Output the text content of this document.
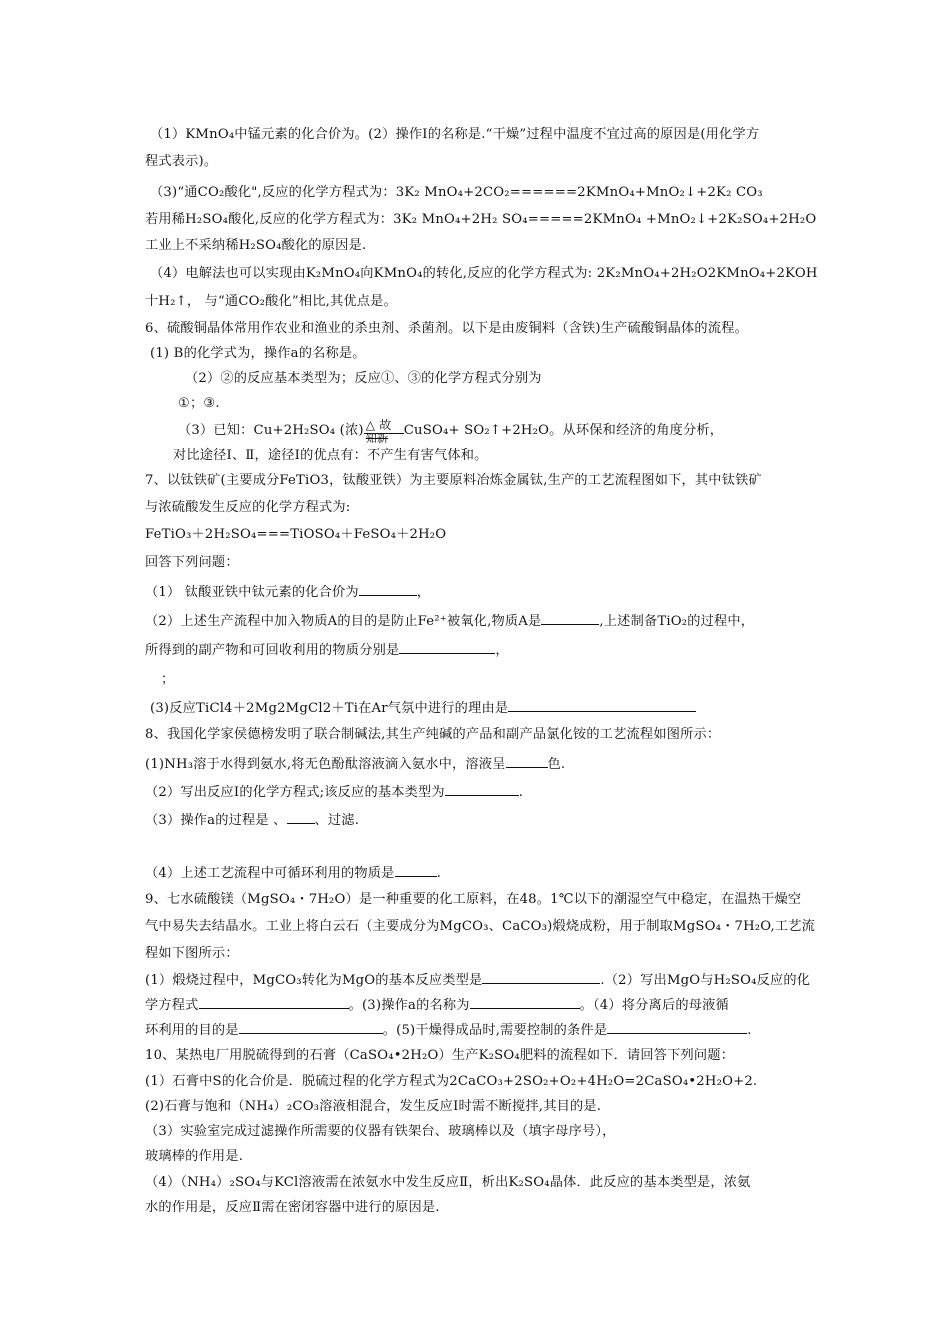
（1）KMnO₄中锰元素的化合价为。(2）操作I的名称是.“干燥”过程中温度不宜过高的原因是(用化学方
程式表示)。
（3)“通CO₂酸化",反应的化学方程式为：3K₂ MnO₄+2CO₂======2KMnO₄+MnO₂↓+2K₂ CO₃
若用稀H₂SO₄酸化,反应的化学方程式为：3K₂ MnO₄+2H₂ SO₄=====2KMnO₄ +MnO₂↓+2K₂SO₄+2H₂O
工业上不采纳稀H₂SO₄酸化的原因是.
（4）电解法也可以实现由K₂MnO₄向KMnO₄的转化,反应的化学方程式为: 2K₂MnO₄+2H₂O2KMnO₄+2KOH
十H₂↑， 与“通CO₂酸化”相比,其优点是。
6、硫酸铜晶体常用作农业和渔业的杀虫剂、杀菌剂。以下是由废铜料（含铁)生产硫酸铜晶体的流程。
(1) B的化学式为，操作a的名称是。
（2）②的反应基本类型为；反应①、③的化学方程式分别为
①；③.
（3）已知：Cu+2H₂SO₄ (浓) △ 故
知新
CuSO₄+ SO₂↑+2H₂O。从环保和经济的角度分析，
对比途径I、Ⅱ，途径I的优点有：不产生有害气体和。
7、以钛铁矿(主要成分FeTiO3，钛酸亚铁）为主要原料冶炼金属钛,生产的工艺流程图如下，其中钛铁矿
与浓硫酸发生反应的化学方程式为:
FeTiO₃＋2H₂SO₄===TiOSO₄＋FeSO₄＋2H₂O
回答下列问题：
（1） 钛酸亚铁中钛元素的化合价为	，
（2）上述生产流程中加入物质A的目的是防止Fe²⁺被氧化,物质A是	,上述制备TiO₂的过程中，
所得到的副产物和可回收利用的物质分别是	，
；
(3)反应TiCl4＋2Mg2MgCl2＋Ti在Ar气氛中进行的理由是
8、我国化学家侯德榜发明了联合制碱法,其生产纯碱的产品和副产品氯化铵的工艺流程如图所示：
(1)NH₃溶于水得到氨水,将无色酚酞溶液滴入氨水中，溶液呈	色.
（2）写出反应I的化学方程式;该反应的基本类型为	.
（3）操作a的过程是 、 、过滤.
（4）上述工艺流程中可循环利用的物质是	.
9、七水硫酸镁（MgSO₄・7H₂O）是一种重要的化工原料，在48。1℃以下的潮湿空气中稳定，在温热干燥空
气中易失去结晶水。工业上将白云石（主要成分为MgCO₃、CaCO₃)煅烧成粉，用于制取MgSO₄・7H₂O,工艺流
程如下图所示：
(1）煅烧过程中，MgCO₃转化为MgO的基本反应类型是	.（2）写出MgO与H₂SO₄反应的化
学方程式	。(3)操作a的名称为	。（4）将分离后的母液循
环利用的目的是	。(5)干燥得成品时,需要控制的条件是	.
10、某热电厂用脱硫得到的石膏（CaSO₄•2H₂O）生产K₂SO₄肥料的流程如下．请回答下列问题：
(1）石膏中S的化合价是．脱硫过程的化学方程式为2CaCO₃+2SO₂+O₂+4H₂O=2CaSO₄•2H₂O+2.
(2)石膏与饱和（NH₄）₂CO₃溶液相混合，发生反应Ⅰ时需不断搅拌,其目的是.
（3）实验室完成过滤操作所需要的仪器有铁架台、玻璃棒以及（填字母序号），
玻璃棒的作用是.
（4）（NH₄）₂SO₄与KCl溶液需在浓氨水中发生反应Ⅱ，析出K₂SO₄晶体．此反应的基本类型是，浓氨
水的作用是，反应Ⅱ需在密闭容器中进行的原因是.
